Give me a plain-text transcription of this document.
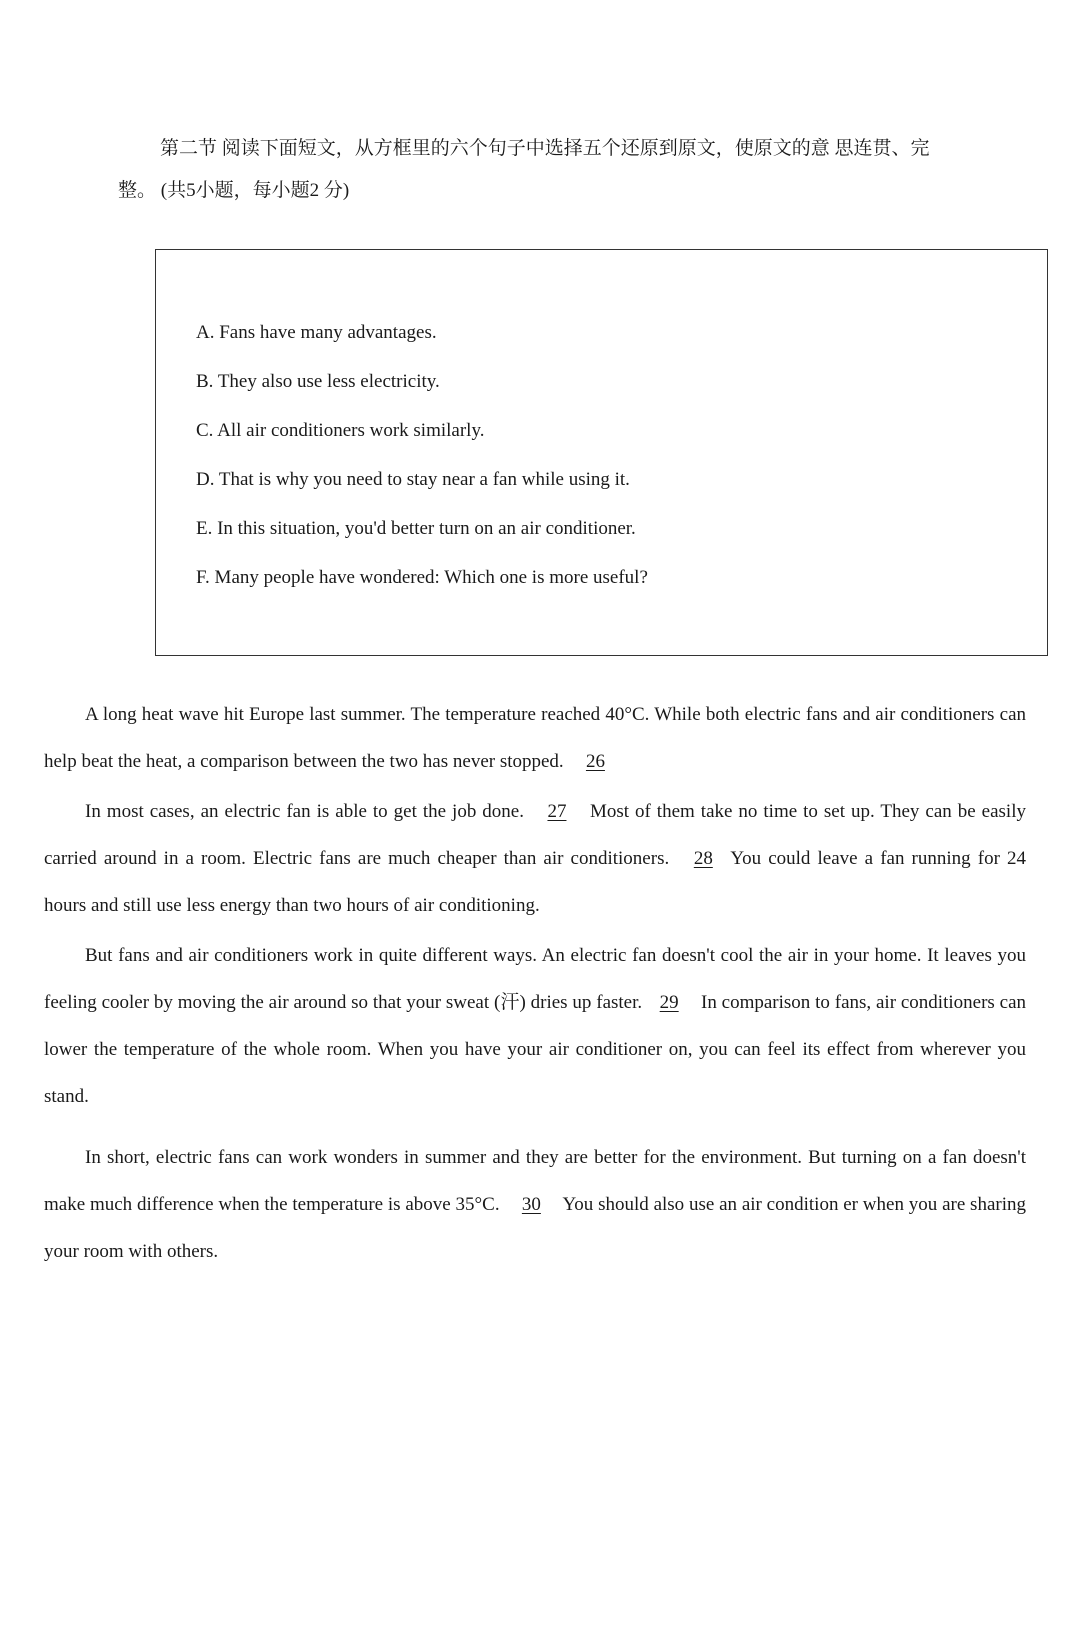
第二节 阅读下面短文，从方框里的六个句子中选择五个还原到原文，使原文的意 思连贯、完
整。 (共5小题，每小题2 分)
A. Fans have many advantages.
B. They also use less electricity.
C. All air conditioners work similarly.
D. That is why you need to stay near a fan while using it.
E. In this situation, you'd better turn on an air conditioner.
F. Many people have wondered: Which one is more useful?

A long heat wave hit Europe last summer. The temperature reached 40°C. While both electric fans and air conditioners can help beat the heat, a comparison between the two has never stopped. 26

In most cases, an electric fan is able to get the job done. 27 Most of them take no time to set up. They can be easily carried around in a room. Electric fans are much cheaper than air conditioners. 28 You could leave a fan running for 24 hours and still use less energy than two hours of air conditioning.

But fans and air conditioners work in quite different ways. An electric fan doesn't cool the air in your home. It leaves you feeling cooler by moving the air around so that your sweat (汗) dries up faster. 29 In comparison to fans, air conditioners can lower the temperature of the whole room. When you have your air conditioner on, you can feel its effect from wherever you stand.

In short, electric fans can work wonders in summer and they are better for the environment. But turning on a fan doesn't make much difference when the temperature is above 35°C. 30 You should also use an air condition er when you are sharing your room with others.
